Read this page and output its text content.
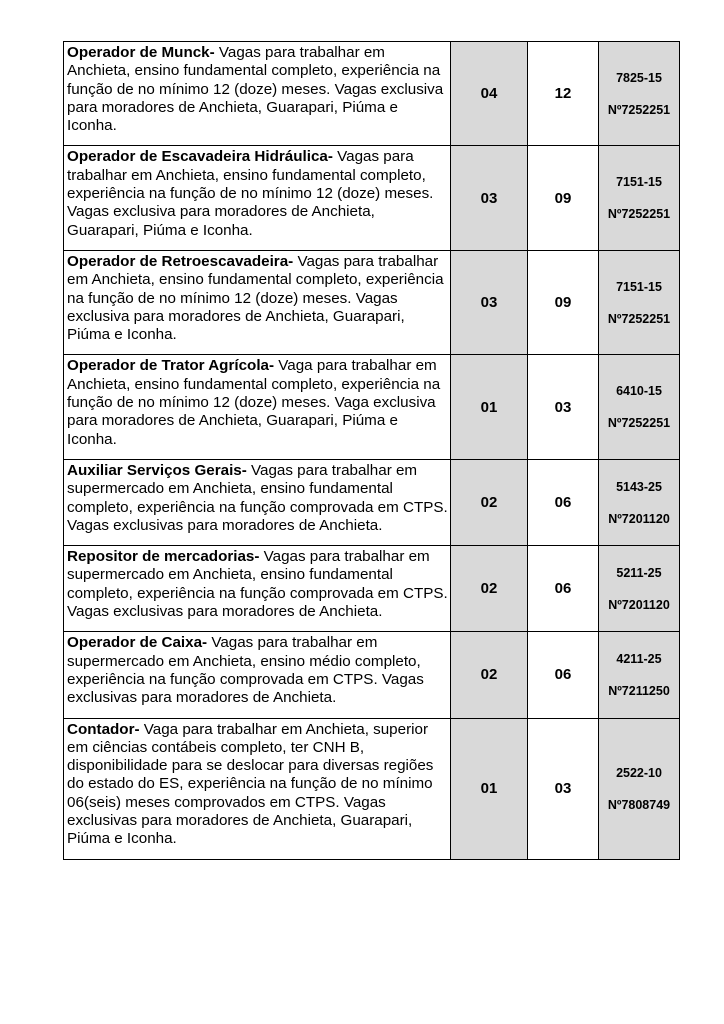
Operador de Munck- Vagas para trabalhar em Anchieta, ensino fundamental completo, experiência na função de no mínimo 12 (doze) meses. Vagas exclusiva para moradores de Anchieta, Guarapari, Piúma e Iconha.	04	12	7825-15
Nº7252251

Operador de Escavadeira Hidráulica- Vagas para trabalhar em Anchieta, ensino fundamental completo, experiência na função de no mínimo 12 (doze) meses. Vagas exclusiva para moradores de Anchieta, Guarapari, Piúma e Iconha.	03	09	7151-15
Nº7252251

Operador de Retroescavadeira- Vagas para trabalhar em Anchieta, ensino fundamental completo, experiência na função de no mínimo 12 (doze) meses. Vagas exclusiva para moradores de Anchieta, Guarapari, Piúma e Iconha.	03	09	7151-15
Nº7252251

Operador de Trator Agrícola- Vaga para trabalhar em Anchieta, ensino fundamental completo, experiência na função de no mínimo 12 (doze) meses. Vaga exclusiva para moradores de Anchieta, Guarapari, Piúma e Iconha.	01	03	6410-15
Nº7252251

Auxiliar Serviços Gerais- Vagas para trabalhar em supermercado em Anchieta, ensino fundamental completo, experiência na função comprovada em CTPS. Vagas exclusivas para moradores de Anchieta.	02	06	5143-25
Nº7201120

Repositor de mercadorias- Vagas para trabalhar em supermercado em Anchieta, ensino fundamental completo, experiência na função comprovada em CTPS. Vagas exclusivas para moradores de Anchieta.	02	06	5211-25
Nº7201120

Operador de Caixa- Vagas para trabalhar em supermercado em Anchieta, ensino médio completo, experiência na função comprovada em CTPS. Vagas exclusivas para moradores de Anchieta.	02	06	4211-25
Nº7211250

Contador- Vaga para trabalhar em Anchieta, superior em ciências contábeis completo, ter CNH B, disponibilidade para se deslocar para diversas regiões do estado do ES, experiência na função de no mínimo 06(seis) meses comprovados em CTPS. Vagas exclusivas para moradores de Anchieta, Guarapari, Piúma e Iconha.	01	03	2522-10
Nº7808749
